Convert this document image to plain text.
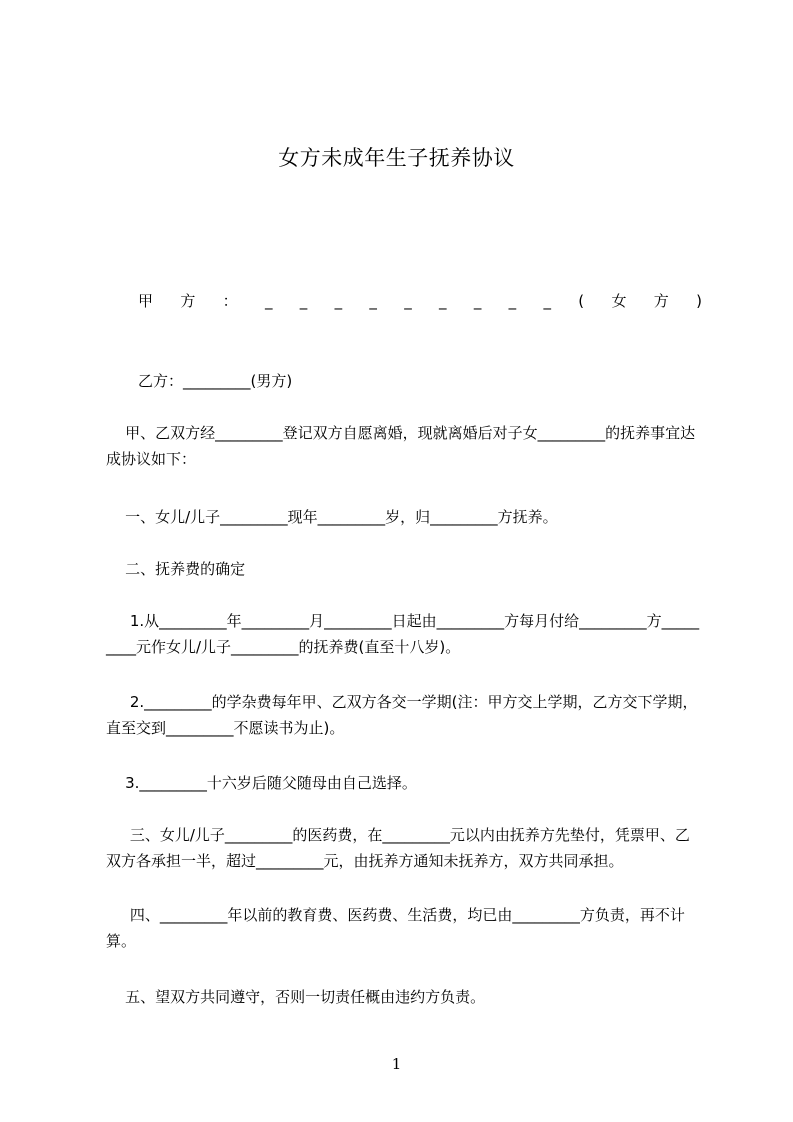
女方未成年生子抚养协议
甲 方 ： _ _ _ _ _ _ _ _ _ ( 女 方 )
乙方：_________(男方)
甲、乙双方经_________登记双方自愿离婚，现就离婚后对子女_________的抚养事宜达成协议如下：
一、女儿/儿子_________现年_________岁，归_________方抚养。
二、抚养费的确定
1.从_________年_________月_________日起由_________方每月付给_________方_________元作女儿/儿子_________的抚养费(直至十八岁)。
2._________的学杂费每年甲、乙双方各交一学期(注：甲方交上学期，乙方交下学期，直至交到_________不愿读书为止)。
3._________十六岁后随父随母由自己选择。
三、女儿/儿子_________的医药费，在_________元以内由抚养方先垫付，凭票甲、乙双方各承担一半，超过_________元，由抚养方通知未抚养方，双方共同承担。
四、_________年以前的教育费、医药费、生活费，均已由_________方负责，再不计算。
五、望双方共同遵守，否则一切责任概由违约方负责。
1
